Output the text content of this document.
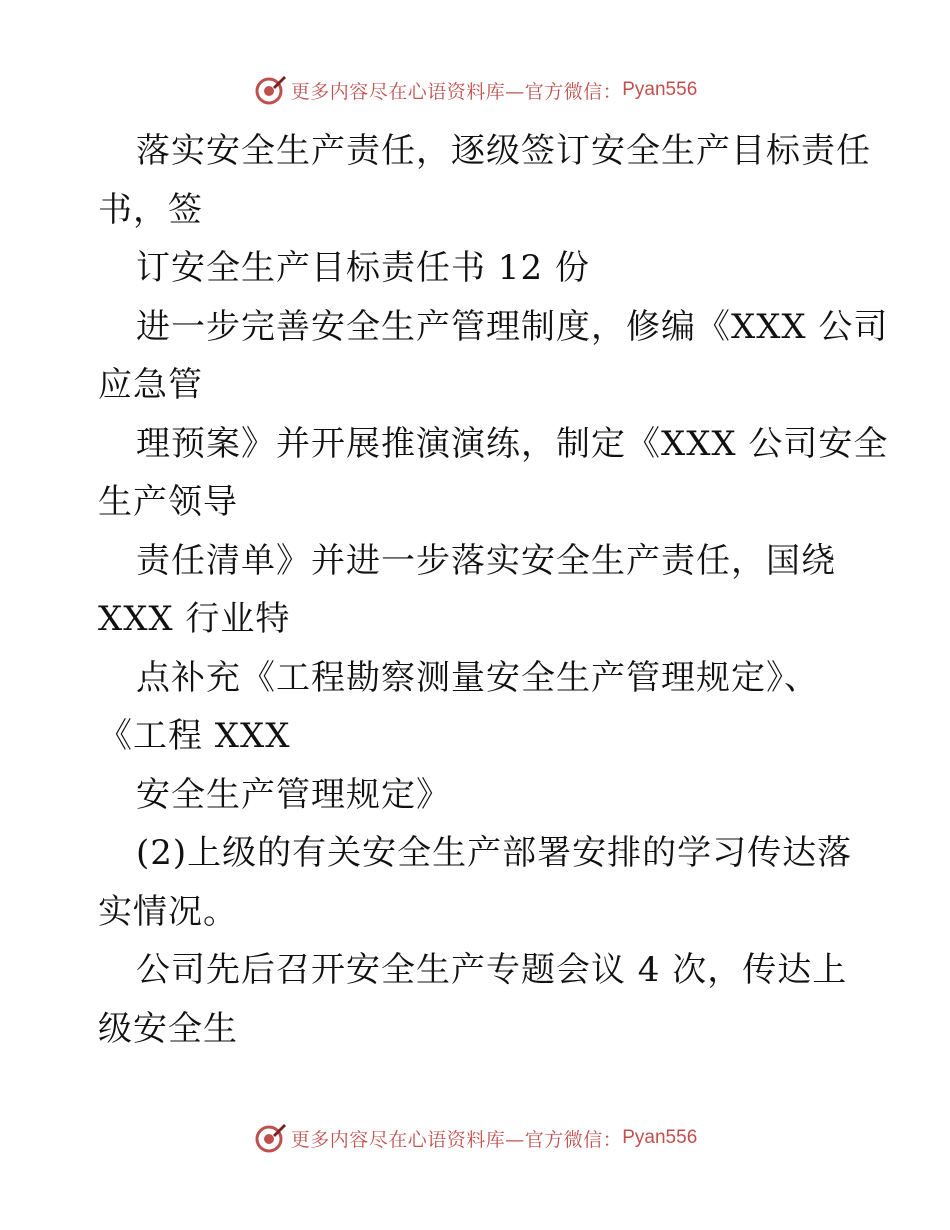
更多内容尽在心语资料库—官方微信： Pyan556
落实安全生产责任，逐级签订安全生产目标责任
书，签
订安全生产目标责任书 12 份
进一步完善安全生产管理制度，修编《XXX 公司
应急管
理预案》并开展推演演练，制定《XXX 公司安全
生产领导
责任清单》并进一步落实安全生产责任，国绕
XXX 行业特
点补充《工程勘察测量安全生产管理规定》、
《工程 XXX
安全生产管理规定》
(2)上级的有关安全生产部署安排的学习传达落
实情况。
公司先后召开安全生产专题会议 4 次，传达上
级安全生
更多内容尽在心语资料库—官方微信： Pyan556
